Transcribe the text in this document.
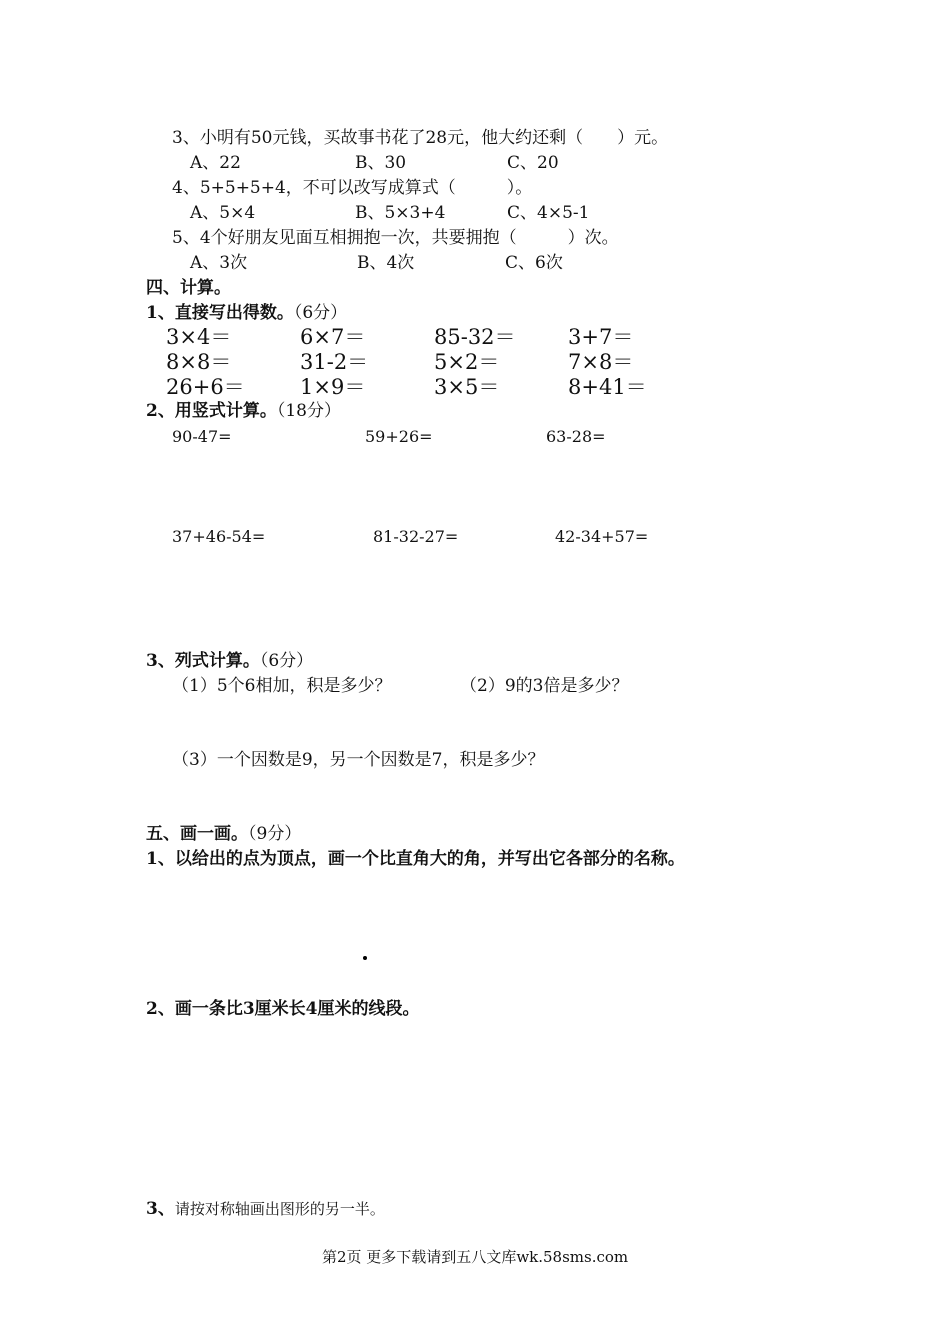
3、小明有50元钱，买故事书花了28元，他大约还剩（　　）元。
A、22	B、30	C、20
4、5+5+5+4，不可以改写成算式（　　　）。
A、5×4	B、5×3+4	C、4×5-1
5、4个好朋友见面互相拥抱一次，共要拥抱（　　　）次。
A、3次	B、4次	C、6次
四、计算。
1、直接写出得数。（6分）
3×4＝	6×7＝	85-32＝ 3+7＝
8×8＝	31-2＝	5×2＝	7×8＝
26+6＝	1×9＝	3×5＝	8+41＝
2、用竖式计算。（18分）
90-47=	59+26=	63-28=
37+46-54=	81-32-27=	42-34+57=
3、列式计算。（6分）
（1）5个6相加，积是多少？	（2）9的3倍是多少？
（3）一个因数是9，另一个因数是7，积是多少？
五、画一画。（9分）
1、以给出的点为顶点，画一个比直角大的角，并写出它各部分的名称。
2、画一条比3厘米长4厘米的线段。
3、请按对称轴画出图形的另一半。
第2页 更多下载请到五八文库wk.58sms.com
